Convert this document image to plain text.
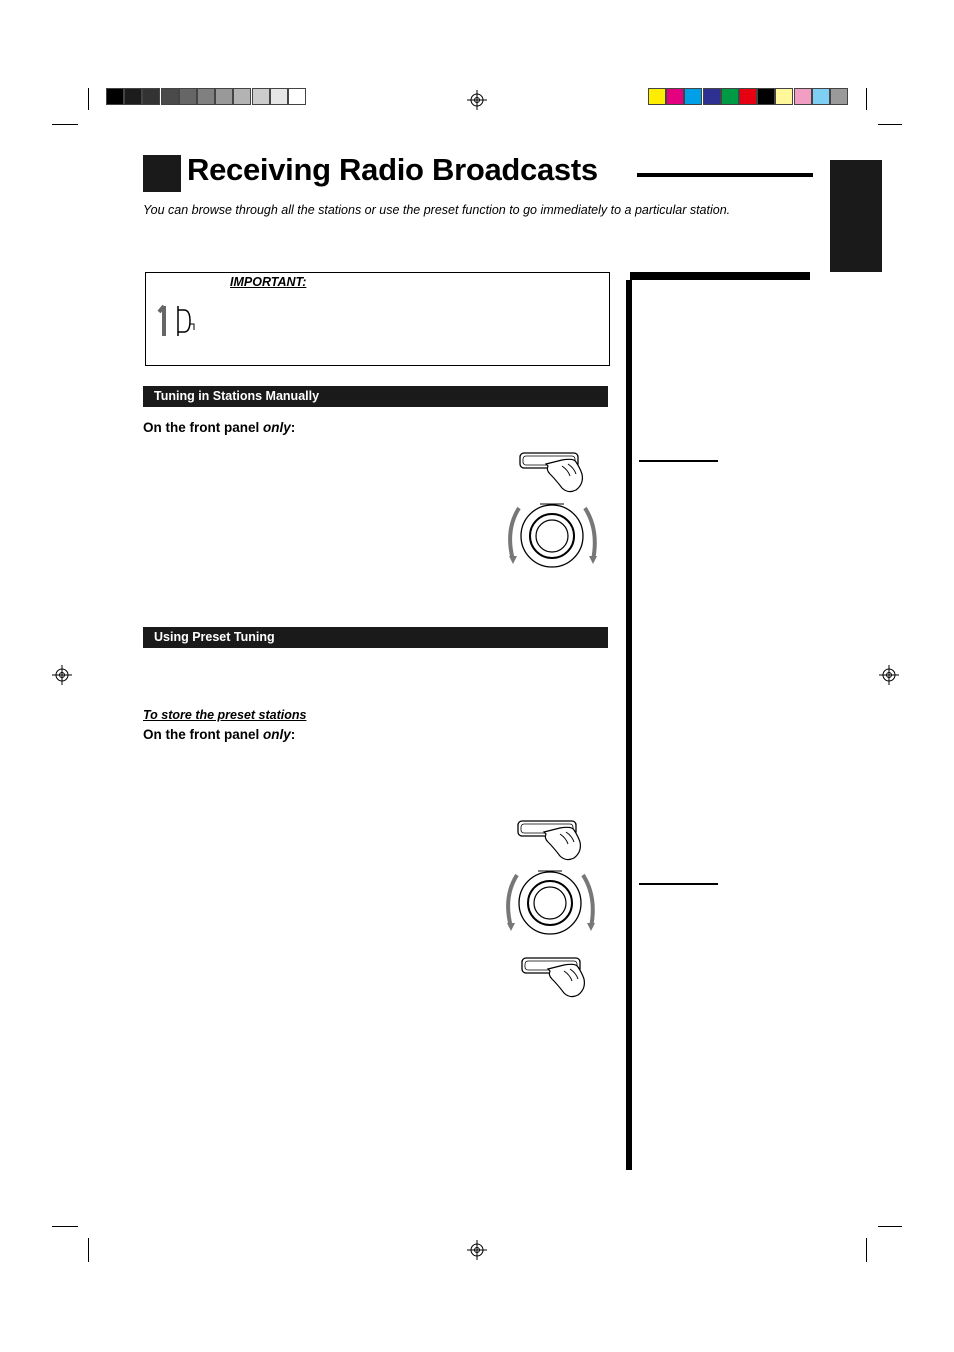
Receiving Radio Broadcasts
You can browse through all the stations or use the preset function to go immediately to a particular station.
IMPORTANT:
Tuning in Stations Manually
On the front panel only:
Using Preset Tuning
To store the preset stations
On the front panel only:
